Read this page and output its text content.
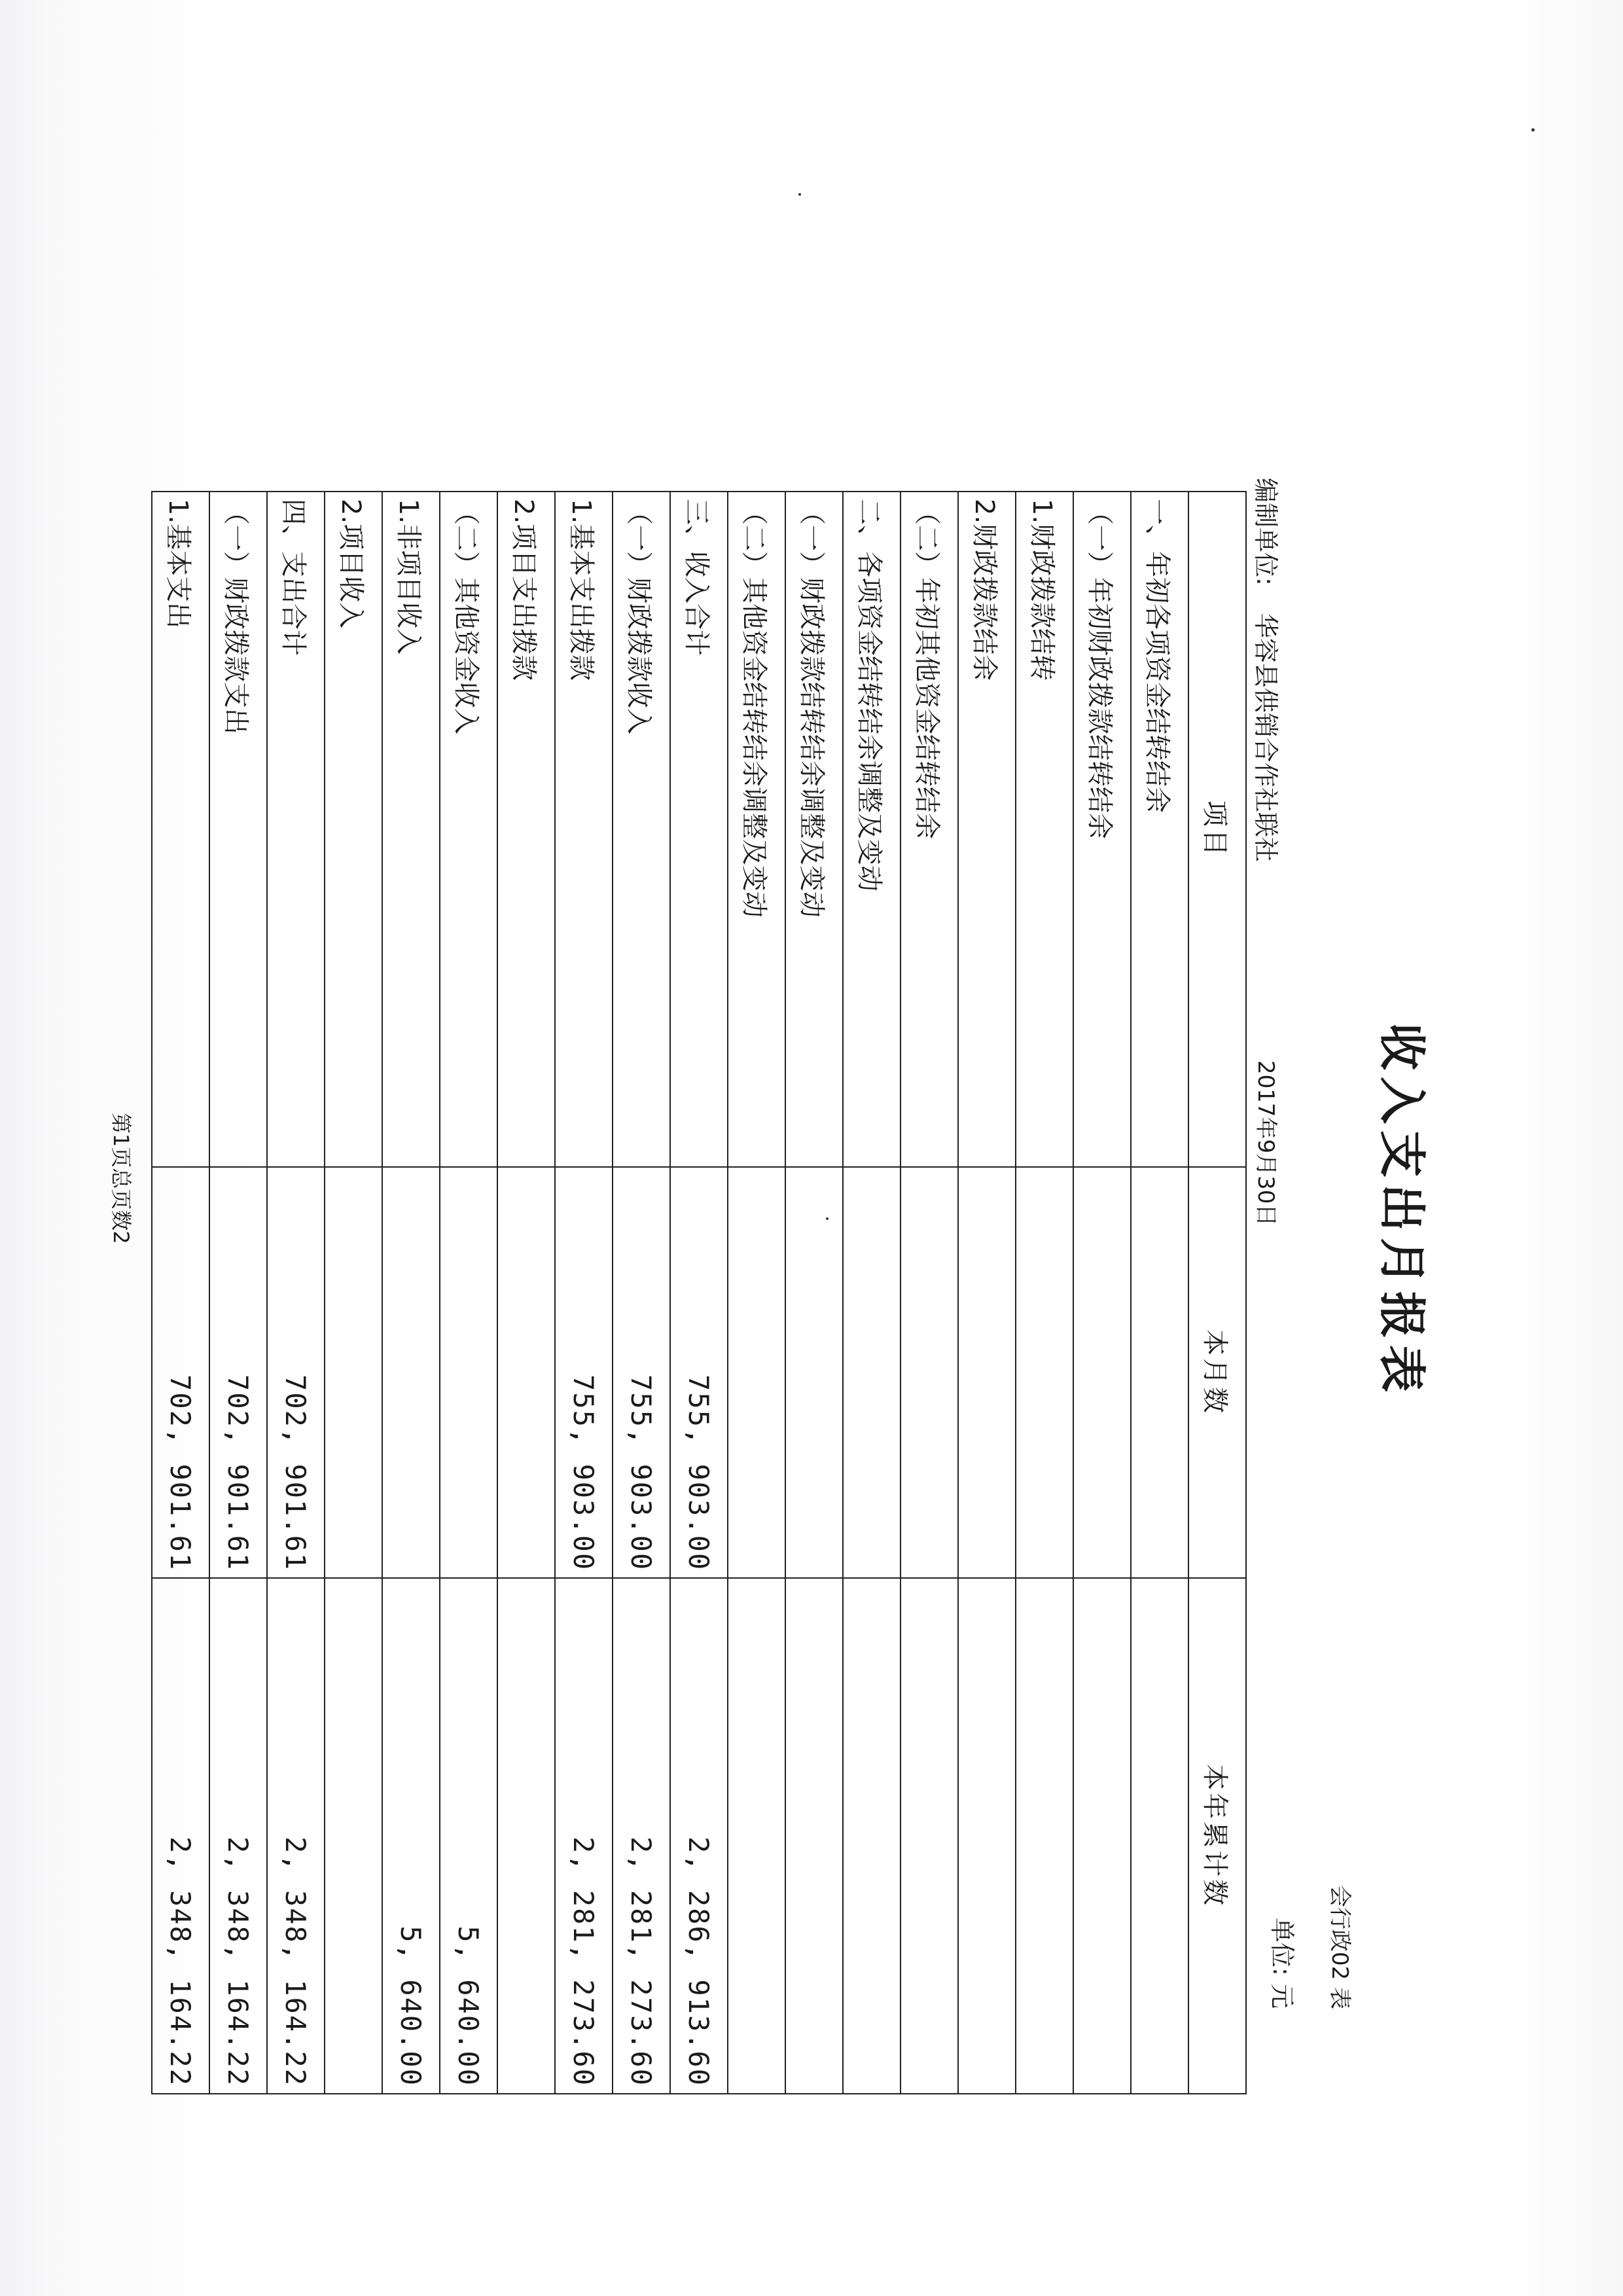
收入支出月报表
会行政02 表
编制单位: 华容县供销合作社联社
2017年9月30日
单位: 元
项目	本月数	本年累计数
一、年初各项资金结转结余		
（一）年初财政拨款结转结余		
1.财政拨款结转		
2.财政拨款结余		
（二）年初其他资金结转结余		
二、各项资金结转结余调整及变动		
（一）财政拨款结转结余调整及变动		
（二）其他资金结转结余调整及变动		
三、收入合计	755, 903.00	2, 286, 913.60
（一）财政拨款收入	755, 903.00	2, 281, 273.60
1.基本支出拨款	755, 903.00	2, 281, 273.60
2.项目支出拨款		
（二）其他资金收入		5, 640.00
1.非项目收入		5, 640.00
2.项目收入		
四、支出合计	702, 901.61	2, 348, 164.22
（一）财政拨款支出	702, 901.61	2, 348, 164.22
1.基本支出	702, 901.61	2, 348, 164.22
第1页总页数2
